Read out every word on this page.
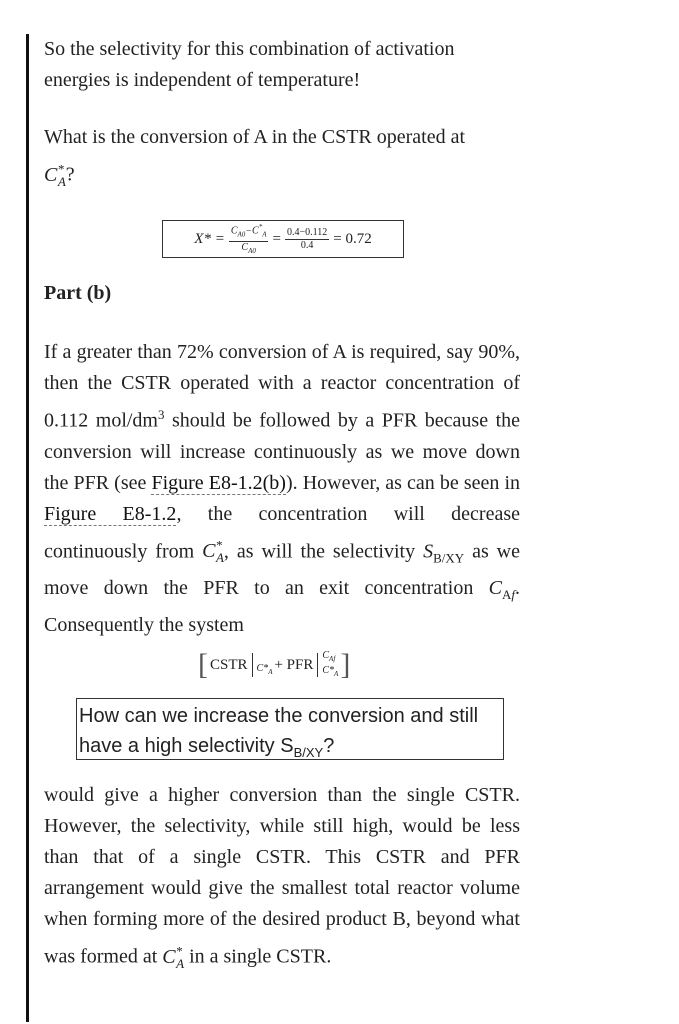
So the selectivity for this combination of activation energies is independent of temperature!

What is the conversion of A in the CSTR operated at
$C^*_A$?

$X* = \frac{C_{A0}-C^*_A}{C_{A0}} = \frac{0.4-0.112}{0.4} = 0.72$
Part (b)

If a greater than 72% conversion of A is required, say 90%, then the CSTR operated with a reactor concentration of 0.112 mol/$dm^3$ should be followed by a PFR because the conversion will increase continuously as we move down the PFR (see Figure E8-1.2(b)). However, as can be seen in Figure E8-1.2, the concentration will decrease continuously from $C^*_A$, as will the selectivity $S_{B/XY}$ as we move down the PFR to an exit concentration $C_{Af}$. Consequently the system

[ CSTR
$C*_A$ + PFR
$C_{Af}$
$C*_A$ ]
How can we increase the conversion and still have a high selectivity $S_{B/XY}$?

would give a higher conversion than the single CSTR. However, the selectivity, while still high, would be less than that of a single CSTR. This CSTR and PFR arrangement would give the smallest total reactor volume when forming more of the desired product B, beyond what was formed at $C^*_A$ in a single CSTR.
